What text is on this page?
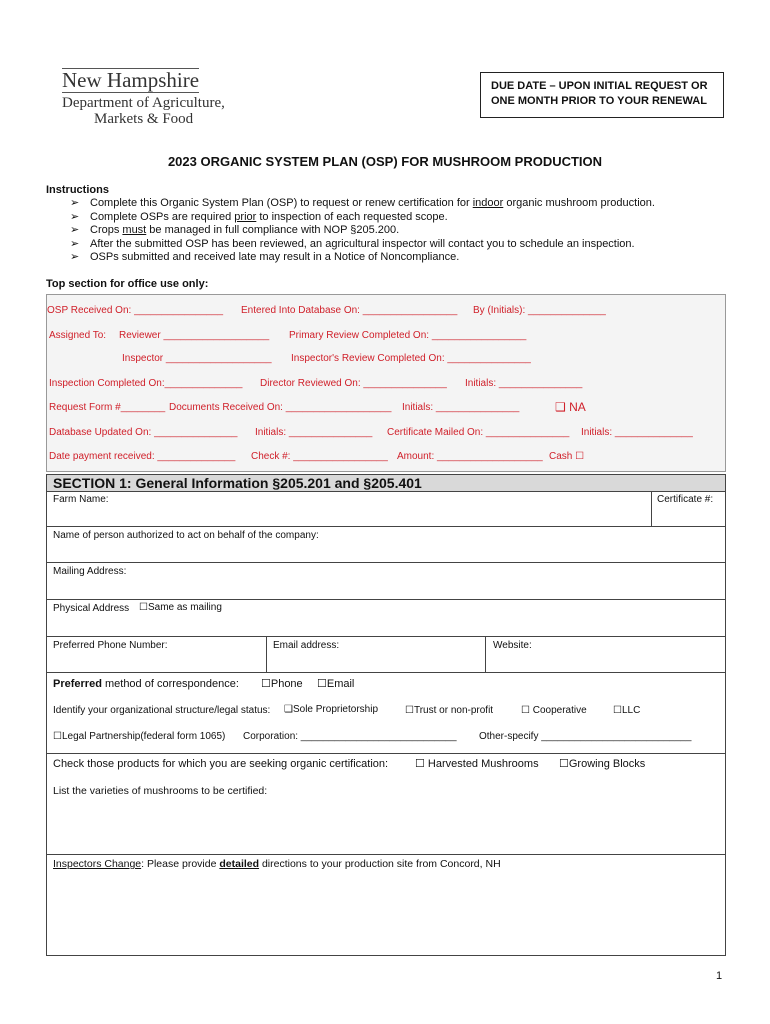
New Hampshire
Department of Agriculture,
Markets & Food
DUE DATE – UPON INITIAL REQUEST OR
ONE MONTH PRIOR TO YOUR RENEWAL
2023 ORGANIC SYSTEM PLAN (OSP) FOR MUSHROOM PRODUCTION
Instructions
➢ Complete this Organic System Plan (OSP) to request or renew certification for indoor organic mushroom production.
➢ Complete OSPs are required prior to inspection of each requested scope.
➢ Crops must be managed in full compliance with NOP §205.200.
➢ After the submitted OSP has been reviewed, an agricultural inspector will contact you to schedule an inspection.
➢ OSPs submitted and received late may result in a Notice of Noncompliance.
Top section for office use only:
OSP Received On: ________________ Entered Into Database On: _________________ By (Initials): ______________
Assigned To: Reviewer ___________________ Primary Review Completed On: _________________
Inspector ___________________ Inspector's Review Completed On: _______________
Inspection Completed On:______________ Director Reviewed On: _______________ Initials: _______________
Request Form #________ Documents Received On: ___________________ Initials: _______________	❑ NA
Database Updated On: _______________ Initials: _______________ Certificate Mailed On: _______________ Initials: ______________
Date payment received: ______________ Check #: _________________ Amount: ___________________ Cash ☐
SECTION 1: General Information §205.201 and §205.401
Farm Name:	Certificate #:
Name of person authorized to act on behalf of the company:
Mailing Address:
Physical Address ☐Same as mailing
Preferred Phone Number:	Email address:	Website:
Preferred method of correspondence: ☐Phone ☐Email
Identify your organizational structure/legal status: ❑Sole Proprietorship	☐Trust or non-profit	☐ Cooperative	☐LLC
☐Legal Partnership(federal form 1065) Corporation: ____________________________ Other-specify ___________________________
Check those products for which you are seeking organic certification: ☐ Harvested Mushrooms ☐Growing Blocks
List the varieties of mushrooms to be certified:
Inspectors Change: Please provide detailed directions to your production site from Concord, NH
1
